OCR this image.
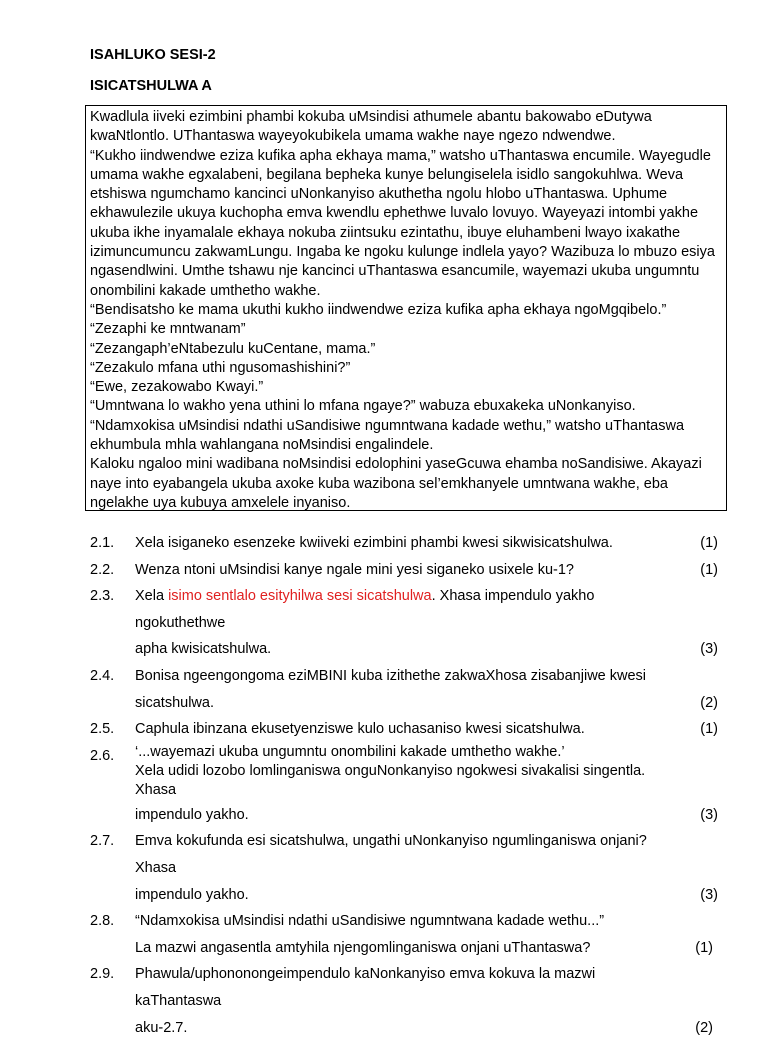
ISAHLUKO SESI-2
ISICATSHULWA A

Kwadlula iiveki ezimbini phambi kokuba uMsindisi athumele abantu bakowabo eDutywa kwaNtlontlo. UThantaswa wayeyokubikela umama wakhe naye ngezo ndwendwe.

“Kukho iindwendwe eziza kufika apha ekhaya mama,” watsho uThantaswa encumile. Wayegudle umama wakhe egxalabeni, begilana bepheka kunye belungiselela isidlo sangokuhlwa. Weva etshiswa ngumchamo kancinci uNonkanyiso akuthetha ngolu hlobo uThantaswa. Uphume ekhawulezile ukuya kuchopha emva kwendlu ephethwe luvalo lovuyo. Wayeyazi intombi yakhe ukuba ikhe inyamalale ekhaya nokuba ziintsuku ezintathu, ibuye eluhambeni lwayo ixakathe izimuncumuncu zakwamLungu. Ingaba ke ngoku kulunge indlela yayo? Wazibuza lo mbuzo esiya ngasendlwini. Umthe tshawu nje kancinci uThantaswa esancumile, wayemazi ukuba ungumntu onombilini kakade umthetho wakhe.

“Bendisatsho ke mama ukuthi kukho iindwendwe eziza kufika apha ekhaya ngoMgqibelo.”

“Zezaphi ke mntwanam”

“Zezangaph’eNtabezulu kuCentane, mama.”

“Zezakulo mfana uthi ngusomashishini?”

“Ewe, zezakowabo Kwayi.”

“Umntwana lo wakho yena uthini lo mfana ngaye?” wabuza ebuxakeka uNonkanyiso.

“Ndamxokisa uMsindisi ndathi uSandisiwe ngumntwana kadade wethu,” watsho uThantaswa ekhumbula mhla wahlangana noMsindisi engalindele.

Kaloku ngaloo mini wadibana noMsindisi edolophini yaseGcuwa ehamba noSandisiwe. Akayazi naye into eyabangela ukuba axoke kuba wazibona sel’emkhanyele umntwana wakhe, eba ngelakhe uya kubuya amxelele inyaniso.

2.1.	Xela isiganeko esenzeke kwiiveki ezimbini phambi kwesi sikwisicatshulwa.	(1)
2.2.	Wenza ntoni uMsindisi kanye ngale mini yesi siganeko usixele ku-1?	(1)
2.3.	Xela isimo sentlalo esityhilwa sesi sicatshulwa. Xhasa impendulo yakho ngokuthethwe
apha kwisicatshulwa.	(3)
2.4.	Bonisa ngeengongoma eziMBINI kuba izithethe zakwaXhosa zisabanjiwe kwesi
sicatshulwa.	(2)
2.5.	Caphula ibinzana ekusetyenziswe kulo uchasaniso kwesi sicatshulwa.	(1)
2.6.	‘...wayemazi ukuba ungumntu onombilini kakade umthetho wakhe.’
Xela udidi lozobo lomlinganiswa onguNonkanyiso ngokwesi sivakalisi singentla. Xhasa
impendulo yakho.	(3)
2.7.	Emva kokufunda esi sicatshulwa, ungathi uNonkanyiso ngumlinganiswa onjani? Xhasa
impendulo yakho.	(3)
2.8.	“Ndamxokisa uMsindisi ndathi uSandisiwe ngumntwana kadade wethu...”
La mazwi angasentla amtyhila njengomlinganiswa onjani uThantaswa?	(1)
2.9.	Phawula/uphononongeimpendulo kaNonkanyiso emva kokuva la mazwi kaThantaswa
aku-2.7.	(2)
